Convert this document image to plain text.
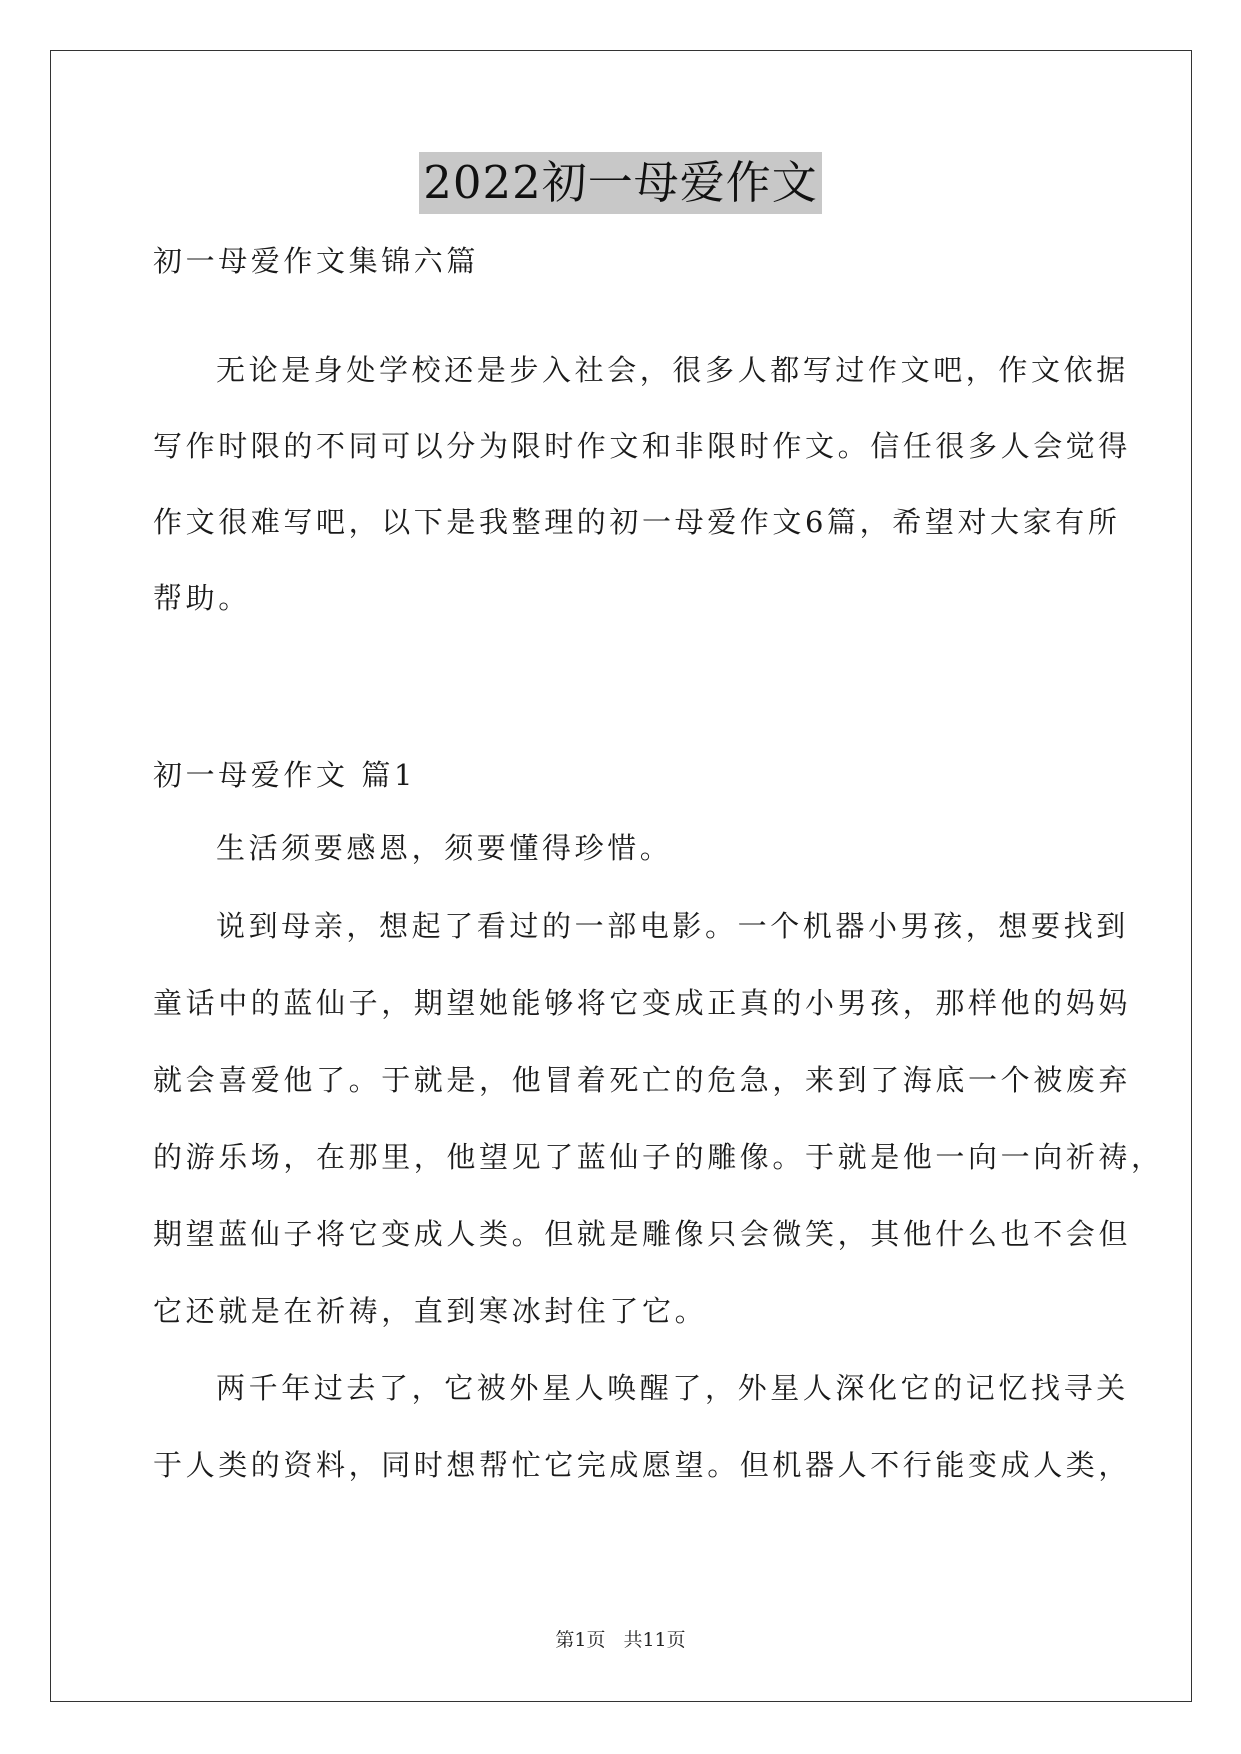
2022初一母爱作文
初一母爱作文集锦六篇
无论是身处学校还是步入社会，很多人都写过作文吧，作文依据
写作时限的不同可以分为限时作文和非限时作文。信任很多人会觉得
作文很难写吧，以下是我整理的初一母爱作文6篇，希望对大家有所
帮助。
初一母爱作文 篇1
生活须要感恩，须要懂得珍惜。
说到母亲，想起了看过的一部电影。一个机器小男孩，想要找到
童话中的蓝仙子，期望她能够将它变成正真的小男孩，那样他的妈妈
就会喜爱他了。于就是，他冒着死亡的危急，来到了海底一个被废弃
的游乐场，在那里，他望见了蓝仙子的雕像。于就是他一向一向祈祷，
期望蓝仙子将它变成人类。但就是雕像只会微笑，其他什么也不会但
它还就是在祈祷，直到寒冰封住了它。
两千年过去了，它被外星人唤醒了，外星人深化它的记忆找寻关
于人类的资料，同时想帮忙它完成愿望。但机器人不行能变成人类，
第1页 共11页
